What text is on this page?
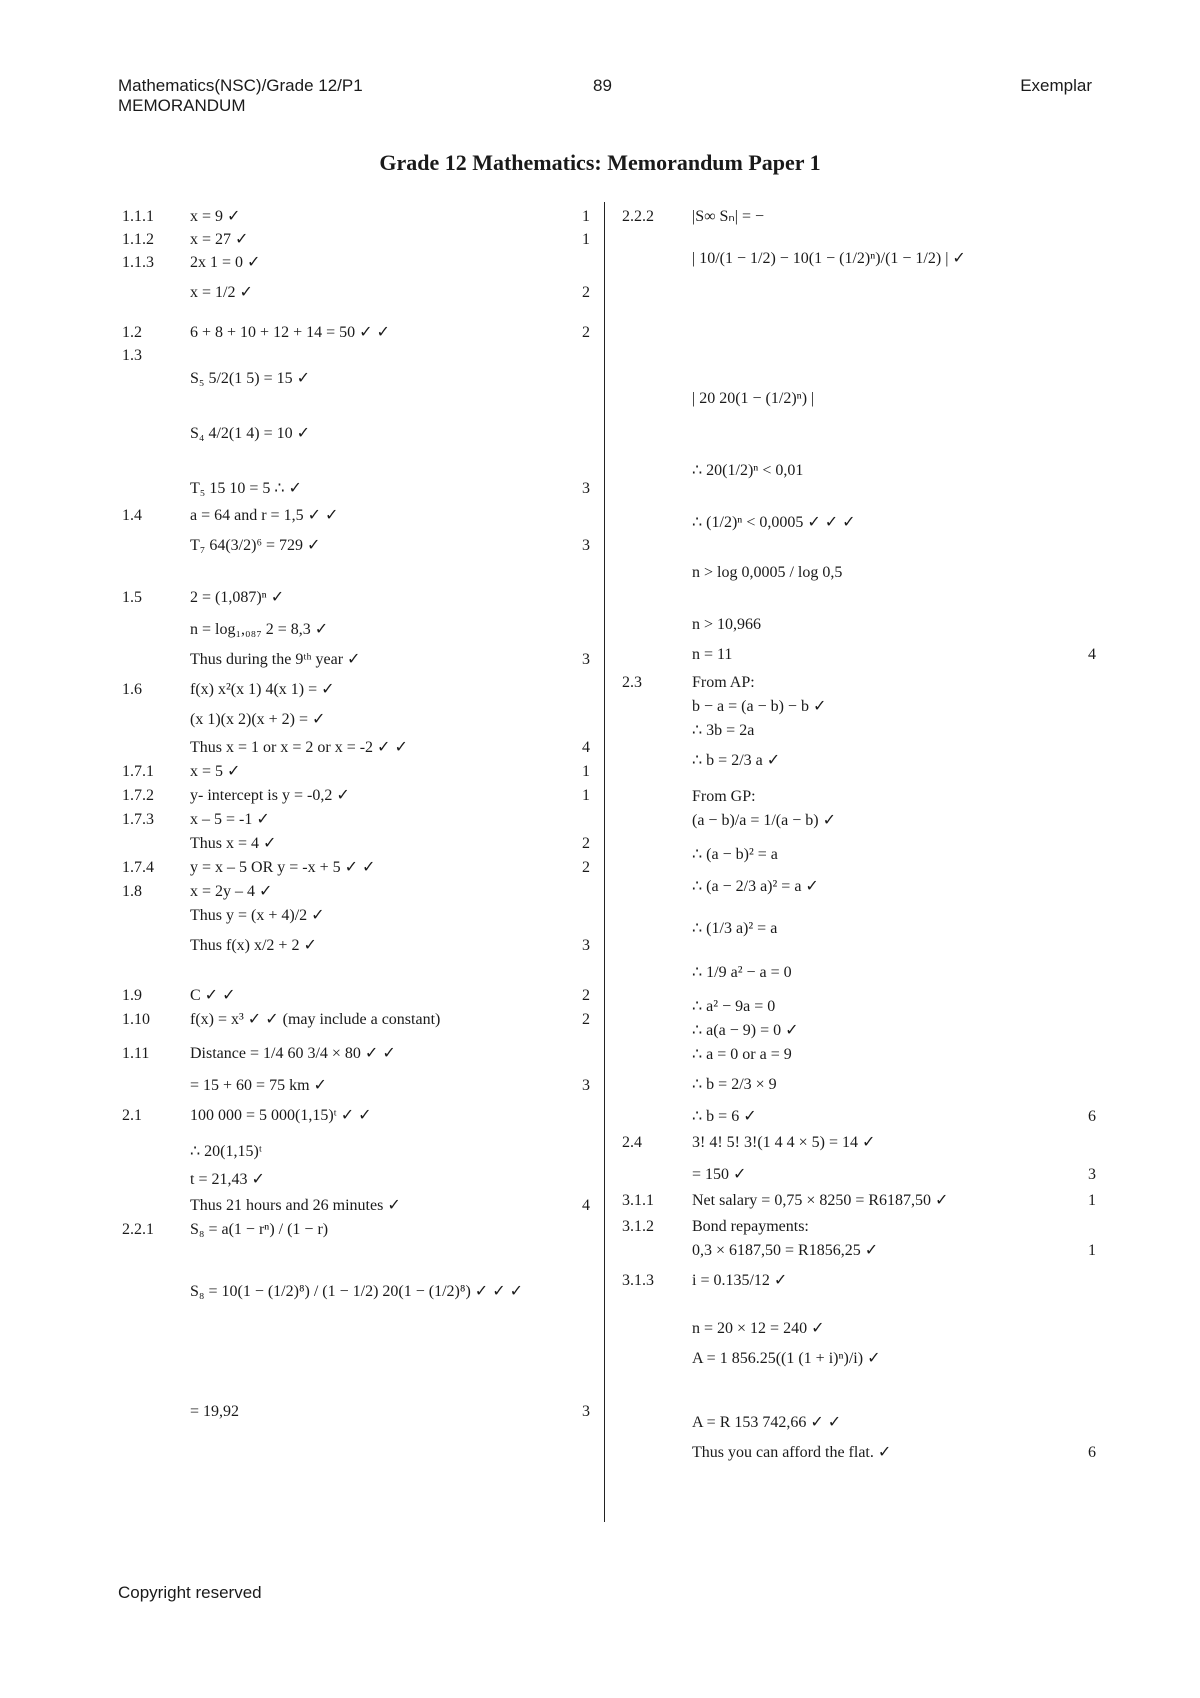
Mathematics(NSC)/Grade 12/P1
MEMORANDUM
89	Exemplar
Grade 12 Mathematics: Memorandum Paper 1
1.1.1 x = 9 ✓	1
1.1.2 x = 27 ✓	1
1.1.3 2x 1 = 0 ✓
x = 1/2 ✓	2
1.2	6 + 8 + 10 + 12 + 14 = 50 ✓ ✓	2
1.3
S₅ 5/2(1 5) = 15 ✓
S₄ 4/2(1 4) = 10 ✓
T₅ 15 10 = 5 ∴ ✓	3
1.4	a = 64 and r = 1,5 ✓ ✓
T₇ 64(3/2)⁶ = 729 ✓	3
1.5	2 = (1,087)ⁿ ✓
n = log₁,₀₈₇ 2 = 8,3 ✓
Thus during the 9ᵗʰ year ✓	3
1.6	f(x) x²(x 1) 4(x 1) = ✓
(x 1)(x 2)(x + 2) = ✓
Thus x = 1 or x = 2 or x = -2 ✓ ✓	4
1.7.1 x = 5 ✓	1
1.7.2 y- intercept is y = -0,2 ✓	1
1.7.3 x – 5 = -1 ✓
Thus x = 4 ✓	2
1.7.4 y = x – 5 OR y = -x + 5 ✓ ✓	2
1.8	x = 2y – 4 ✓
Thus y = (x + 4)/2 ✓
Thus f(x) x/2 + 2 ✓	3
1.9	C ✓ ✓	2
1.10	f(x) = x³ ✓ ✓ (may include a constant)	2
1.11	Distance = 1/4 60 3/4 × 80 ✓ ✓
= 15 + 60 = 75 km ✓	3
2.1	100 000 = 5 000(1,15)ᵗ ✓ ✓
∴ 20(1,15)ᵗ
t = 21,43 ✓
Thus 21 hours and 26 minutes ✓	4
2.2.1 S₈ = a(1 − rⁿ) / (1 − r)
S₈ = 10(1 − (1/2)⁸) / (1 − 1/2) 20(1 − (1/2)⁸) ✓ ✓ ✓
= 19,92	3
2.2.2 |S∞ Sₙ| = −
| 10/(1 − 1/2) − 10(1 − (1/2)ⁿ)/(1 − 1/2) | ✓
| 20 20(1 − (1/2)ⁿ) |
∴ 20(1/2)ⁿ < 0,01
∴ (1/2)ⁿ < 0,0005 ✓ ✓ ✓
n > log 0,0005 / log 0,5
n > 10,966
n = 11	4
2.3	From AP:
b − a = (a − b) − b ✓
∴ 3b = 2a
∴ b = 2/3 a ✓
From GP:
(a − b)/a = 1/(a − b) ✓
∴ (a − b)² = a
∴ (a − 2/3 a)² = a ✓
∴ (1/3 a)² = a
∴ 1/9 a² − a = 0
∴ a² − 9a = 0
∴ a(a − 9) = 0 ✓
∴ a = 0 or a = 9
∴ b = 2/3 × 9
∴ b = 6 ✓	6
2.4	3! 4! 5! 3!(1 4 4 × 5) = 14 ✓
= 150 ✓	3
3.1.1 Net salary = 0,75 × 8250 = R6187,50 ✓	1
3.1.2 Bond repayments:
0,3 × 6187,50 = R1856,25 ✓	1
3.1.3 i = 0.135/12 ✓
n = 20 × 12 = 240 ✓
A = 1 856.25((1 (1 + i)ⁿ)/i) ✓
A = R 153 742,66 ✓ ✓
Thus you can afford the flat. ✓	6
Copyright reserved
